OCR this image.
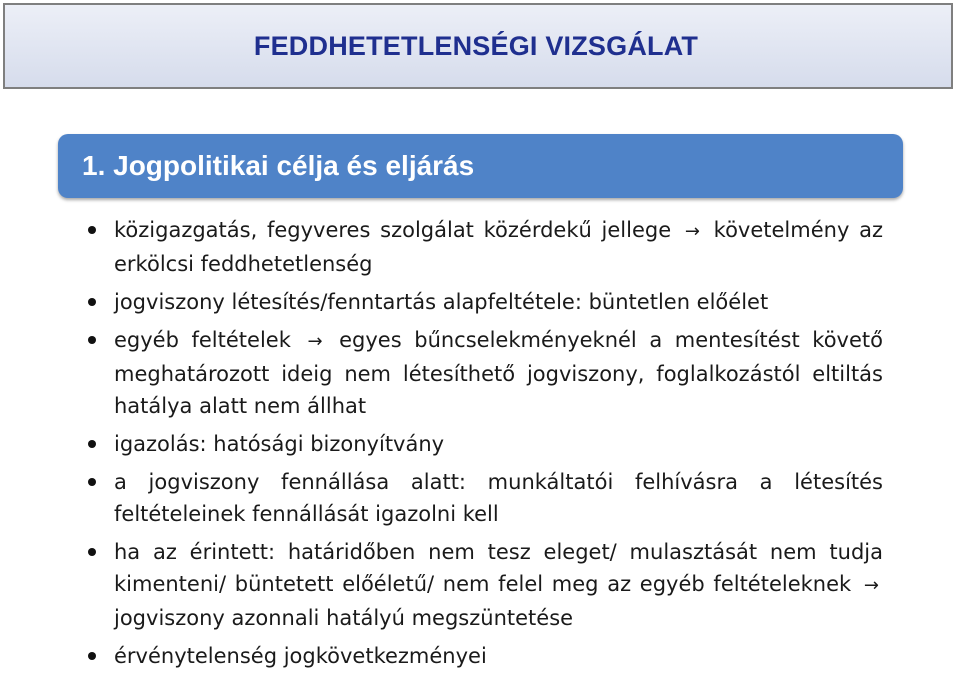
FEDDHETETLENSÉGI VIZSGÁLAT
1. Jogpolitikai célja és eljárás
közigazgatás, fegyveres szolgálat közérdekű jellege → követelmény az erkölcsi feddhetetlenség
jogviszony létesítés/fenntartás alapfeltétele: büntetlen előélet
egyéb feltételek → egyes bűncselekményeknél a mentesítést követő meghatározott ideig nem létesíthető jogviszony, foglalkozástól eltiltás hatálya alatt nem állhat
igazolás: hatósági bizonyítvány
a jogviszony fennállása alatt: munkáltatói felhívásra a létesítés feltételeinek fennállását igazolni kell
ha az érintett: határidőben nem tesz eleget/ mulasztását nem tudja kimenteni/ büntetett előéletű/ nem felel meg az egyéb feltételeknek → jogviszony azonnali hatályú megszüntetése
érvénytelenség jogkövetkezményei
